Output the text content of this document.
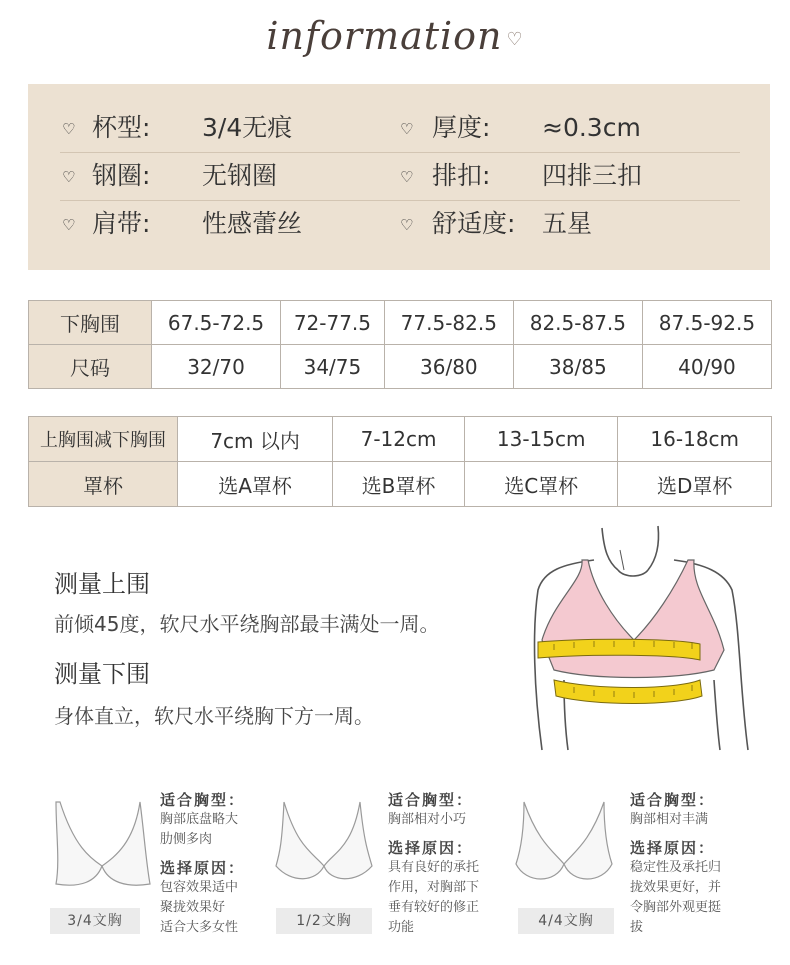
information ♡
♡ 杯型: 3/4无痕	♡ 厚度: ≈0.3cm
♡ 钢圈: 无钢圈	♡ 排扣: 四排三扣
♡ 肩带: 性感蕾丝	♡ 舒适度: 五星
下胸围	67.5-72.5	72-77.5	77.5-82.5	82.5-87.5	87.5-92.5
尺码	32/70	34/75	36/80	38/85	40/90
上胸围减下胸围	7cm 以内	7-12cm	13-15cm	16-18cm
罩杯	选A罩杯	选B罩杯	选C罩杯	选D罩杯
测量上围
前倾45度，软尺水平绕胸部最丰满处一周。
测量下围
身体直立，软尺水平绕胸下方一周。
3/4文胸
适合胸型：
胸部底盘略大
肋侧多肉
选择原因：
包容效果适中
聚拢效果好
适合大多女性	1/2文胸
适合胸型：
胸部相对小巧
选择原因：
具有良好的承托
作用，对胸部下
垂有较好的修正
功能	4/4文胸
适合胸型：
胸部相对丰满
选择原因：
稳定性及承托归
拢效果更好，并
令胸部外观更挺
拔
